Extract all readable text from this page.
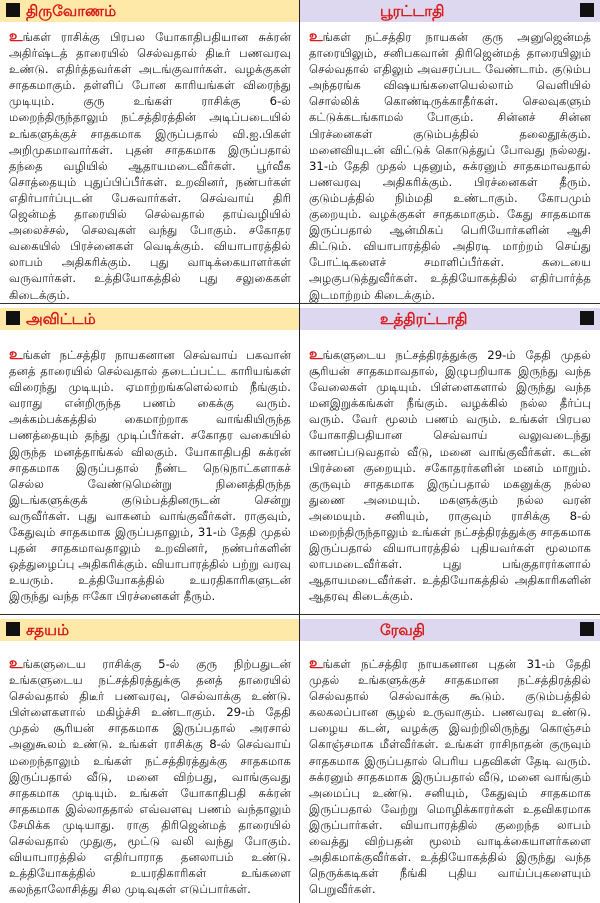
திருவோணம்
உங்கள் ராசிக்கு பிரபல யோகாதிபதியான சுக்ரன் அதிர்ஷ்டத் தாரையில் செல்வதால் திடீர் பணவரவு உண்டு. எதிர்த்தவர்கள் அடங்குவார்கள். வழக்குகள் சாதகமாகும். தள்ளிப் போன காரியங்கள் விரைந்து முடியும். குரு உங்கள் ராசிக்கு 6-ல் மறைந்திருந்தாலும் நட்சத்திரத்தின் அடிப்படையில் உங்களுக்குச் சாதகமாக இருப்பதால் வி.ஐ.பிகள் அறிமுகமாவார்கள். புதன் சாதகமாக இருப்பதால் தந்தை வழியில் ஆதாயமடைவீர்கள். பூர்வீக சொத்தையும் புதுப்பிப்பீர்கள். உறவினர், நண்பர்கள் எதிர்பார்ப்புடன் பேசுவார்கள். செவ்வாய் திரி ஜென்மத் தாரையில் செல்வதால் தாய்வழியில் அலைச்சல், செலவுகள் வந்து போகும். சகோதர வகையில் பிரச்னைகள் வெடிக்கும். வியாபாரத்தில் லாபம் அதிகரிக்கும். புது வாடிக்கையாளர்கள் வருவார்கள். உத்தியோகத்தில் புது சலுகைகள் கிடைக்கும்.
அவிட்டம்
உங்கள் நட்சத்திர நாயகனான செவ்வாய் பகவான் தனத் தாரையில் செல்வதால் தடைப்பட்ட காரியங்கள் விரைந்து முடியும். ஏமாற்றங்களெல்லாம் நீங்கும். வராது என்றிருந்த பணம் கைக்கு வரும். அக்கம்பக்கத்தில் கைமாற்றாக வாங்கியிருந்த பணத்தையும் தந்து முடிப்பீர்கள். சகோதர வகையில் இருந்த மனத்தாங்கல் விலகும். யோகாதிபதி சுக்ரன் சாதகமாக இருப்பதால் நீண்ட நெடுநாட்களாகச் செல்ல வேண்டுமென்று நினைத்திருந்த இடங்களுக்குக் குடும்பத்தினருடன் சென்று வருவீர்கள். புது வாகனம் வாங்குவீர்கள். ராகுவும், கேதுவும் சாதகமாக இருப்பதாலும், 31-ம் தேதி முதல் புதன் சாதகமாவதாலும் உறவினர், நண்பர்களின் ஒத்துழைப்பு அதிகரிக்கும். வியாபாரத்தில் பற்று வரவு உயரும். உத்தியோகத்தில் உயரதிகாரிகளுடன் இருந்து வந்த ஈகோ பிரச்னைகள் தீரும்.
சதயம்
உங்களுடைய ராசிக்கு 5-ல் குரு நிற்பதுடன் உங்களுடைய நட்சத்திரத்துக்கு தனத் தாரையில் செல்வதால் திடீர் பணவரவு, செல்வாக்கு உண்டு. பிள்ளைகளால் மகிழ்ச்சி உண்டாகும். 29-ம் தேதி முதல் சூரியன் சாதகமாக இருப்பதால் அரசால் அனுகூலம் உண்டு. உங்கள் ராசிக்கு 8-ல் செவ்வாய் மறைந்தாலும் உங்கள் நட்சத்திரத்துக்கு சாதகமாக இருப்பதால் வீடு, மனை விற்பது, வாங்குவது சாதகமாக முடியும். உங்கள் யோகாதிபதி சுக்ரன் சாதகமாக இல்லாததால் எவ்வளவு பணம் வந்தாலும் சேமிக்க முடியாது. ராகு திரிஜென்மத் தாரையில் செல்வதால் முதுகு, மூட்டு வலி வந்து போகும். வியாபாரத்தில் எதிர்பாராத தனலாபம் உண்டு. உத்தியோகத்தில் உயரதிகாரிகள் உங்களை கலந்தாலோசித்து சில முடிவுகள் எடுப்பார்கள்.
பூரட்டாதி
உங்கள் நட்சத்திர நாயகன் குரு அனுஜென்மத் தாரையிலும், சனிபகவான் திரிஜென்மத் தாரையிலும் செல்வதால் எதிலும் அவசரப்பட வேண்டாம். குடும்ப அந்தரங்க விஷயங்களையெல்லாம் வெளியில் சொல்லிக் கொண்டிருக்காதீர்கள். செலவுகளும் கட்டுக்கடங்காமல் போகும். சின்னச் சின்ன பிரச்னைகள் குடும்பத்தில் தலைதூக்கும். மனைவியுடன் விட்டுக் கொடுத்துப் போவது நல்லது. 31-ம் தேதி முதல் புதனும், சுக்ரனும் சாதகமாவதால் பணவரவு அதிகரிக்கும். பிரச்னைகள் தீரும். குடும்பத்தில் நிம்மதி உண்டாகும். கோபமும் குறையும். வழக்குகள் சாதகமாகும். கேது சாதகமாக இருப்பதால் ஆன்மிகப் பெரியோர்களின் ஆசி கிட்டும். வியாபாரத்தில் அதிரடி மாற்றம் செய்து போட்டிகளைச் சமாளிப்பீர்கள். கடையை அழகுபடுத்துவீர்கள். உத்தியோகத்தில் எதிர்பார்த்த இடமாற்றம் கிடைக்கும்.
உத்திரட்டாதி
உங்களுடைய நட்சத்திரத்துக்கு 29-ம் தேதி முதல் சூரியன் சாதகமாவதால், இழுபறியாக இருந்து வந்த வேலைகள் முடியும். பிள்ளைகளால் இருந்து வந்த மனஇறுக்கங்கள் நீங்கும். வழக்கில் நல்ல தீர்ப்பு வரும். வேர் மூலம் பணம் வரும். உங்கள் பிரபல யோகாதிபதியான செவ்வாய் வலுவடைந்து காணப்படுவதால் வீடு, மனை வாங்குவீர்கள். கடன் பிரச்னை குறையும். சகோதரர்களின் மனம் மாறும். குருவும் சாதகமாக இருப்பதால் மகனுக்கு நல்ல துணை அமையும். மகளுக்கும் நல்ல வரன் அமையும். சனியும், ராகுவும் ராசிக்கு 8-ல் மறைந்திருந்தாலும் உங்கள் நட்சத்திரத்துக்கு சாதகமாக இருப்பதால் வியாபாரத்தில் புதியவர்கள் மூலமாக லாபமடைவீர்கள். புது பங்குதாரர்களால் ஆதாயமடைவீர்கள். உத்தியோகத்தில் அதிகாரிகளின் ஆதரவு கிடைக்கும்.
ரேவதி
உங்கள் நட்சத்திர நாயகனான புதன் 31-ம் தேதி முதல் உங்களுக்குச் சாதகமான நட்சத்திரத்தில் செல்வதால் செல்வாக்கு கூடும். குடும்பத்தில் கலகலப்பான சூழல் உருவாகும். பணவரவு உண்டு. பழைய கடன், வழக்கு இவற்றிலிருந்து கொஞ்சம் கொஞ்சமாக மீள்வீர்கள். உங்கள் ராசிநாதன் குருவும் சாதகமாக இருப்பதால் பெரிய பதவிகள் தேடி வரும். சுக்ரனும் சாதகமாக இருப்பதால் வீடு, மனை வாங்கும் அமைப்பு உண்டு. சனியும், கேதுவும் சாதகமாக இருப்பதால் வேற்று மொழிக்காரர்கள் உதவிகரமாக இருப்பார்கள். வியாபாரத்தில் குறைந்த லாபம் வைத்து விற்பதன் மூலம் வாடிக்கையாளர்களை அதிகமாக்குவீர்கள். உத்தியோகத்தில் இருந்து வந்த நெருக்கடிகள் நீங்கி புதிய வாய்ப்புகளையும் பெறுவீர்கள்.
